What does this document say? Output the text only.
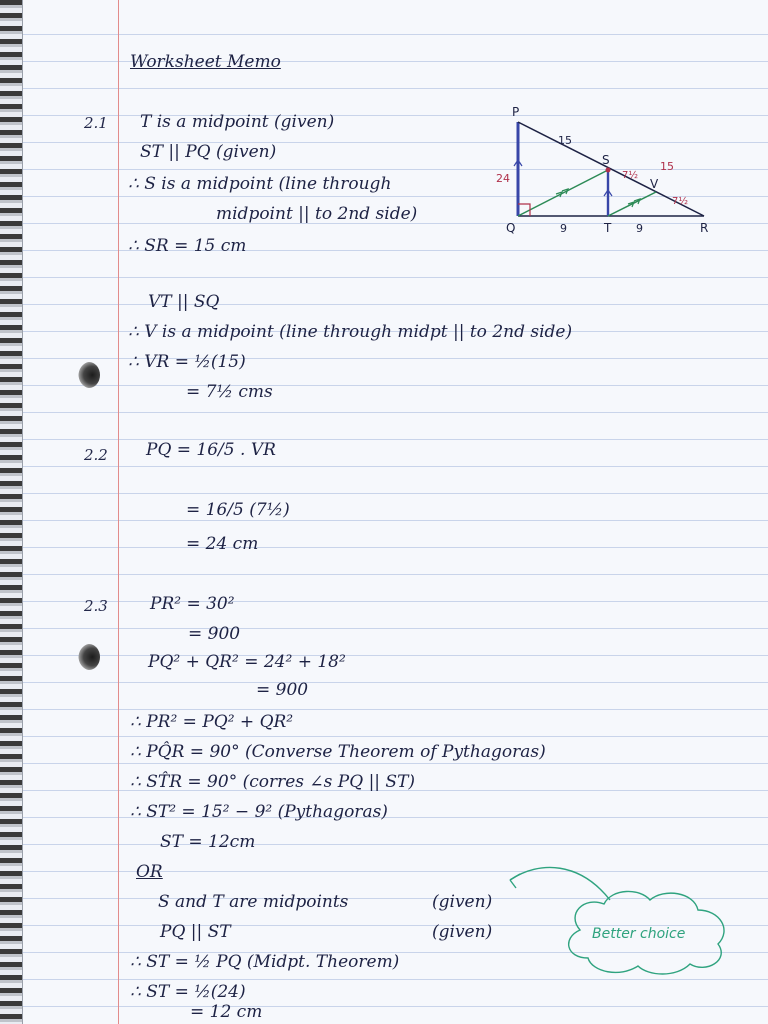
Worksheet Memo
2.1 T is a midpoint (given)
ST || PQ (given)
∴ S is a midpoint (line through
midpoint || to 2nd side)
∴ SR = 15 cm
VT || SQ
∴ V is a midpoint (line through midpt || to 2nd side)
∴ VR = ½(15)
= 7½ cms
2.2 PQ = 16/5 . VR
= 16/5 (7½)
= 24 cm
2.3 PR² = 30²
= 900
PQ² + QR² = 24² + 18²
= 900
∴ PR² = PQ² + QR²
∴ PQ̂R = 90° (Converse Theorem of Pythagoras)
∴ ST̂R = 90° (corres ∠s PQ || ST)
∴ ST² = 15² − 9² (Pythagoras)
ST = 12cm
OR
S and T are midpoints	(given)
PQ || ST	(given)
∴ ST = ½ PQ (Midpt. Theorem)
∴ ST = ½(24)
= 12 cm
Better choice
P
Q	R
S
T
V
15
15
7½
7½
24
9	9
